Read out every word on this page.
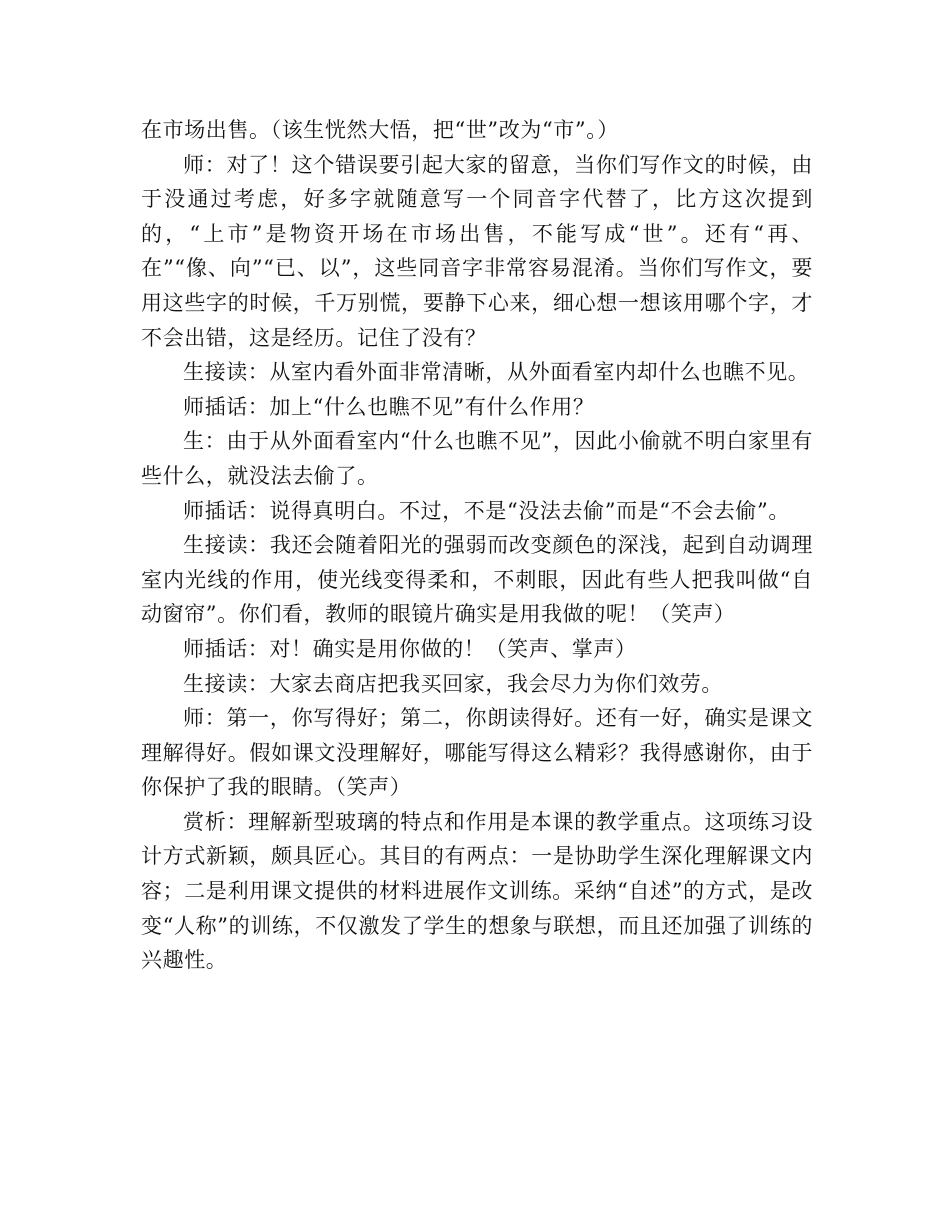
在市场出售。（该生恍然大悟，把“世”改为“市”。）

师：对了！这个错误要引起大家的留意，当你们写作文的时候，由于没通过考虑，好多字就随意写一个同音字代替了，比方这次提到的，“上市”是物资开场在市场出售，不能写成“世”。还有“再、在”“像、向”“已、以”，这些同音字非常容易混淆。当你们写作文，要用这些字的时候，千万别慌，要静下心来，细心想一想该用哪个字，才不会出错，这是经历。记住了没有？

生接读：从室内看外面非常清晰，从外面看室内却什么也瞧不见。

师插话：加上“什么也瞧不见”有什么作用？

生：由于从外面看室内“什么也瞧不见”，因此小偷就不明白家里有些什么，就没法去偷了。

师插话：说得真明白。不过，不是“没法去偷”而是“不会去偷”。

生接读：我还会随着阳光的强弱而改变颜色的深浅，起到自动调理室内光线的作用，使光线变得柔和，不刺眼，因此有些人把我叫做“自动窗帘”。你们看，教师的眼镜片确实是用我做的呢！（笑声）

师插话：对！确实是用你做的！（笑声、掌声）

生接读：大家去商店把我买回家，我会尽力为你们效劳。

师：第一，你写得好；第二，你朗读得好。还有一好，确实是课文理解得好。假如课文没理解好，哪能写得这么精彩？我得感谢你，由于你保护了我的眼睛。（笑声）

赏析：理解新型玻璃的特点和作用是本课的教学重点。这项练习设计方式新颖，颇具匠心。其目的有两点：一是协助学生深化理解课文内容；二是利用课文提供的材料进展作文训练。采纳“自述”的方式，是改变“人称”的训练，不仅激发了学生的想象与联想，而且还加强了训练的兴趣性。
